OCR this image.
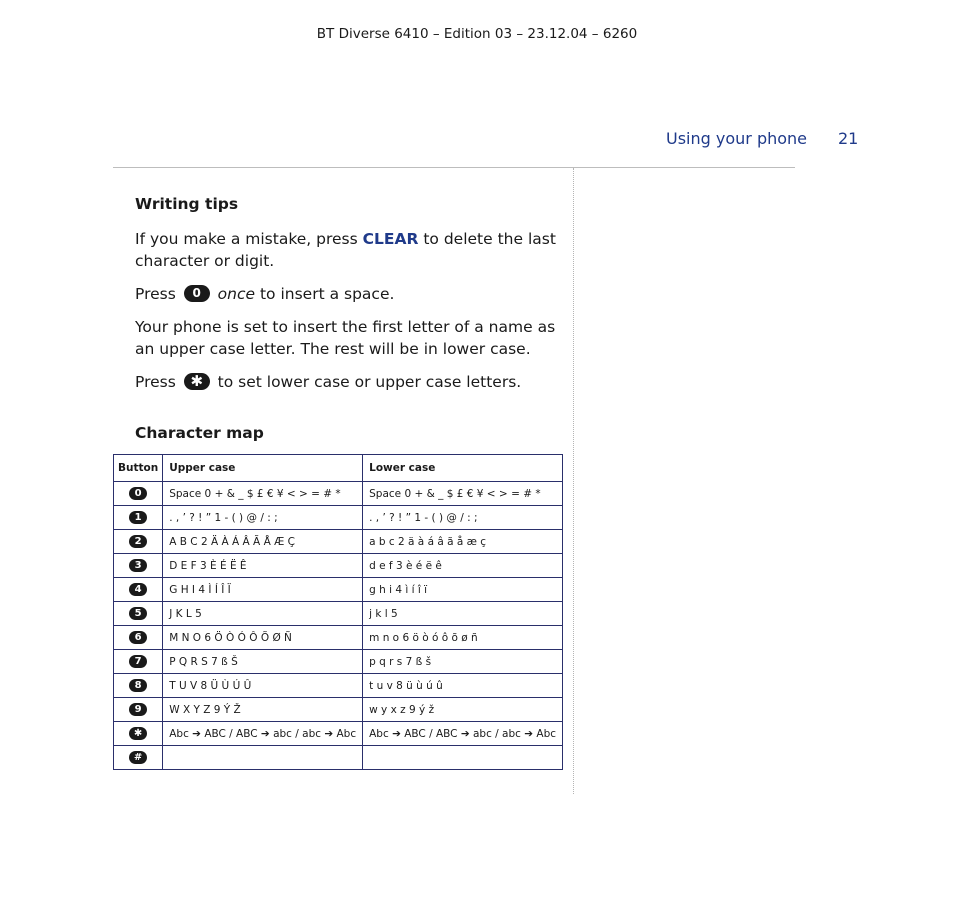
BT Diverse 6410 – Edition 03 – 23.12.04 – 6260
Using your phone 21
Writing tips

If you make a mistake, press CLEAR to delete the last character or digit.

Press 0 once to insert a space.

Your phone is set to insert the first letter of a name as an upper case letter. The rest will be in lower case.

Press ✱ to set lower case or upper case letters.

Character map
Button	Upper case	Lower case
0	Space 0 + & _ $ £ € ¥ < > = # *	Space 0 + & _ $ £ € ¥ < > = # *
1	. , ’ ? ! ” 1 - ( ) @ / : ;	. , ’ ? ! ” 1 - ( ) @ / : ;
2	A B C 2 Ä À Á Â Ã Å Æ Ç	a b c 2 ä à á â ã å æ ç
3	D E F 3 È É Ë Ê	d e f 3 è é ë ê
4	G H I 4 Ì Í Î Ï	g h i 4 ì í î ï
5	J K L 5	j k l 5
6	M N O 6 Ö Ò Ó Ô Õ Ø Ñ	m n o 6 ö ò ó ô õ ø ñ
7	P Q R S 7 ß Š	p q r s 7 ß š
8	T U V 8 Ü Ù Ú Û	t u v 8 ü ù ú û
9	W X Y Z 9 Ý Ž	w y x z 9 ý ž
✱	Abc ➔ ABC / ABC ➔ abc / abc ➔ Abc	Abc ➔ ABC / ABC ➔ abc / abc ➔ Abc
#		
